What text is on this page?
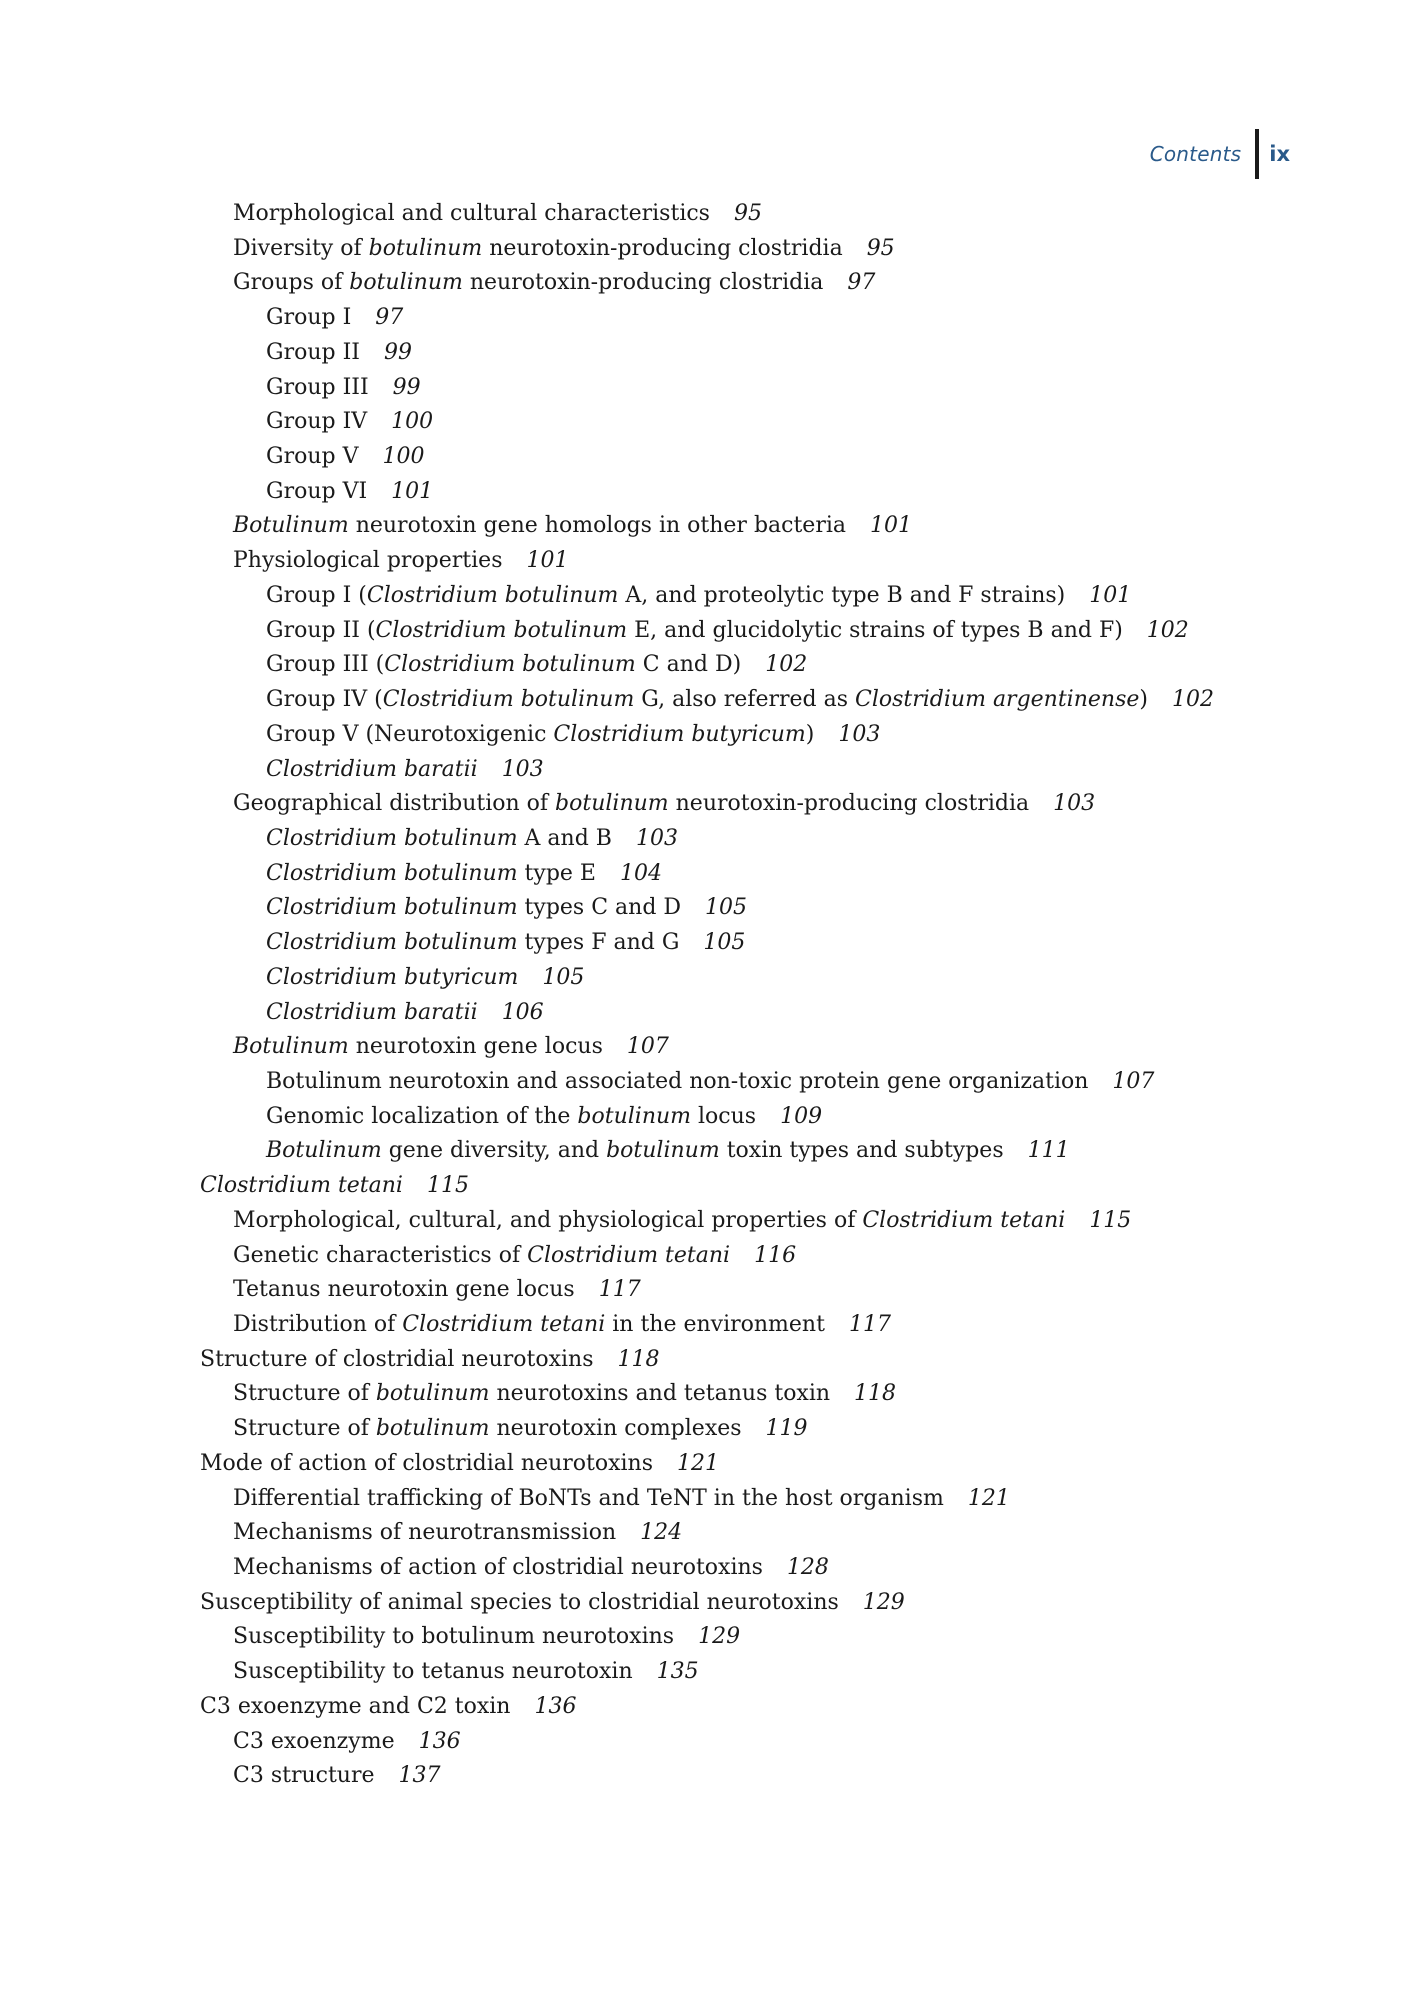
Contents	ix
Morphological and cultural characteristics 95
Diversity of botulinum neurotoxin-producing clostridia 95
Groups of botulinum neurotoxin-producing clostridia 97
Group I 97
Group II 99
Group III 99
Group IV 100
Group V 100
Group VI 101
Botulinum neurotoxin gene homologs in other bacteria 101
Physiological properties 101
Group I (Clostridium botulinum A, and proteolytic type B and F strains) 101
Group II (Clostridium botulinum E, and glucidolytic strains of types B and F) 102
Group III (Clostridium botulinum C and D) 102
Group IV (Clostridium botulinum G, also referred as Clostridium argentinense) 102
Group V (Neurotoxigenic Clostridium butyricum) 103
Clostridium baratii 103
Geographical distribution of botulinum neurotoxin-producing clostridia 103
Clostridium botulinum A and B 103
Clostridium botulinum type E 104
Clostridium botulinum types C and D 105
Clostridium botulinum types F and G 105
Clostridium butyricum 105
Clostridium baratii 106
Botulinum neurotoxin gene locus 107
Botulinum neurotoxin and associated non-toxic protein gene organization 107
Genomic localization of the botulinum locus 109
Botulinum gene diversity, and botulinum toxin types and subtypes 111
Clostridium tetani 115
Morphological, cultural, and physiological properties of Clostridium tetani 115
Genetic characteristics of Clostridium tetani 116
Tetanus neurotoxin gene locus 117
Distribution of Clostridium tetani in the environment 117
Structure of clostridial neurotoxins 118
Structure of botulinum neurotoxins and tetanus toxin 118
Structure of botulinum neurotoxin complexes 119
Mode of action of clostridial neurotoxins 121
Differential trafficking of BoNTs and TeNT in the host organism 121
Mechanisms of neurotransmission 124
Mechanisms of action of clostridial neurotoxins 128
Susceptibility of animal species to clostridial neurotoxins 129
Susceptibility to botulinum neurotoxins 129
Susceptibility to tetanus neurotoxin 135
C3 exoenzyme and C2 toxin 136
C3 exoenzyme 136
C3 structure 137
